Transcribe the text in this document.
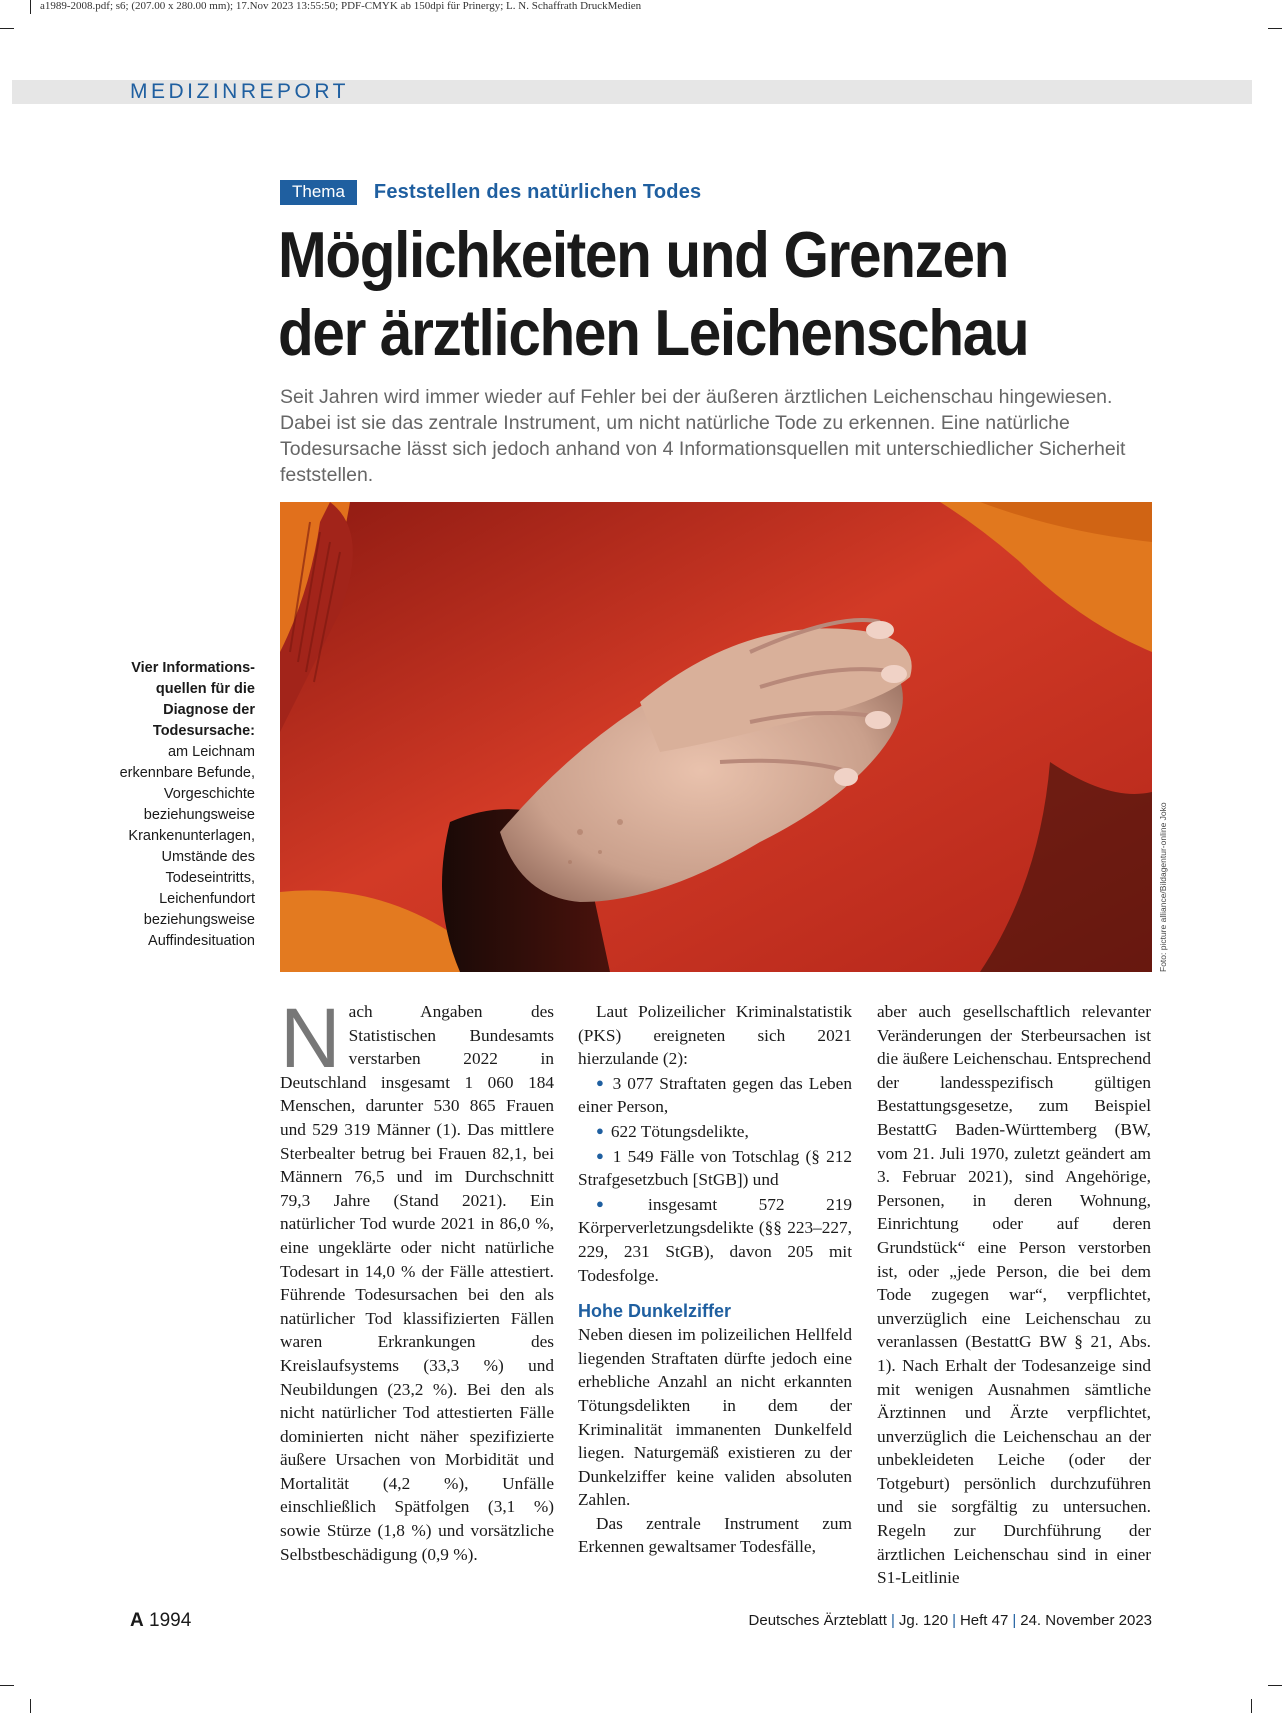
a1989-2008.pdf; s6; (207.00 x 280.00 mm); 17.Nov 2023 13:55:50; PDF-CMYK ab 150dpi für Prinergy; L. N. Schaffrath DruckMedien
MEDIZINREPORT
Thema	Feststellen des natürlichen Todes
Möglichkeiten und Grenzen
der ärztlichen Leichenschau

Seit Jahren wird immer wieder auf Fehler bei der äußeren ärztlichen Leichenschau hingewiesen. Dabei ist sie das zentrale Instrument, um nicht natürliche Tode zu erkennen. Eine natürliche Todesursache lässt sich jedoch anhand von 4 Informationsquellen mit unterschiedlicher Sicherheit feststellen.

Foto: picture alliance/Bildagentur-online Joko
Vier Informations-quellen für die Diagnose der Todesursache:
am Leichnam erkennbare Befunde, Vorgeschichte beziehungsweise Krankenunterlagen, Umstände des Todeseintritts, Leichenfundort beziehungsweise Auffindesituation
N ach Angaben des Statistischen Bundesamts verstarben 2022 in Deutschland insgesamt 1 060 184 Menschen, darunter 530 865 Frauen und 529 319 Männer (1). Das mittlere Sterbealter betrug bei Frauen 82,1, bei Männern 76,5 und im Durchschnitt 79,3 Jahre (Stand 2021). Ein natürlicher Tod wurde 2021 in 86,0 %, eine ungeklärte oder nicht natürliche Todesart in 14,0 % der Fälle attestiert. Führende Todesursachen bei den als natürlicher Tod klassifizierten Fällen waren Erkrankungen des Kreislaufsystems (33,3 %) und Neubildungen (23,2 %). Bei den als nicht natürlicher Tod attestierten Fälle dominierten nicht näher spezifizierte äußere Ursachen von Morbidität und Mortalität (4,2 %), Unfälle einschließlich Spätfolgen (3,1 %) sowie Stürze (1,8 %) und vorsätzliche Selbstbeschädigung (0,9 %).

Laut Polizeilicher Kriminalstatistik (PKS) ereigneten sich 2021 hierzulande (2):

● 3 077 Straftaten gegen das Leben einer Person,
● 622 Tötungsdelikte,
● 1 549 Fälle von Totschlag (§ 212 Strafgesetzbuch [StGB]) und
● insgesamt 572 219 Körperverletzungsdelikte (§§ 223–227, 229, 231 StGB), davon 205 mit Todesfolge.

Hohe Dunkelziffer

Neben diesen im polizeilichen Hellfeld liegenden Straftaten dürfte jedoch eine erhebliche Anzahl an nicht erkannten Tötungsdelikten in dem der Kriminalität immanenten Dunkelfeld liegen. Naturgemäß existieren zu der Dunkelziffer keine validen absoluten Zahlen.

Das zentrale Instrument zum Erkennen gewaltsamer Todesfälle,

aber auch gesellschaftlich relevanter Veränderungen der Sterbeursachen ist die äußere Leichenschau. Entsprechend der landesspezifisch gültigen Bestattungsgesetze, zum Beispiel BestattG Baden-Württemberg (BW, vom 21. Juli 1970, zuletzt geändert am 3. Februar 2021), sind Angehörige, Personen, in deren Wohnung, Einrichtung oder auf deren Grundstück“ eine Person verstorben ist, oder „jede Person, die bei dem Tode zugegen war“, verpflichtet, unverzüglich eine Leichenschau zu veranlassen (BestattG BW § 21, Abs. 1). Nach Erhalt der Todesanzeige sind mit wenigen Ausnahmen sämtliche Ärztinnen und Ärzte verpflichtet, unverzüglich die Leichenschau an der unbekleideten Leiche (oder der Totgeburt) persönlich durchzuführen und sie sorgfältig zu untersuchen. Regeln zur Durchführung der ärztlichen Leichenschau sind in einer S1-Leitlinie
A 1994	Deutsches Ärzteblatt | Jg. 120 | Heft 47 | 24. November 2023
